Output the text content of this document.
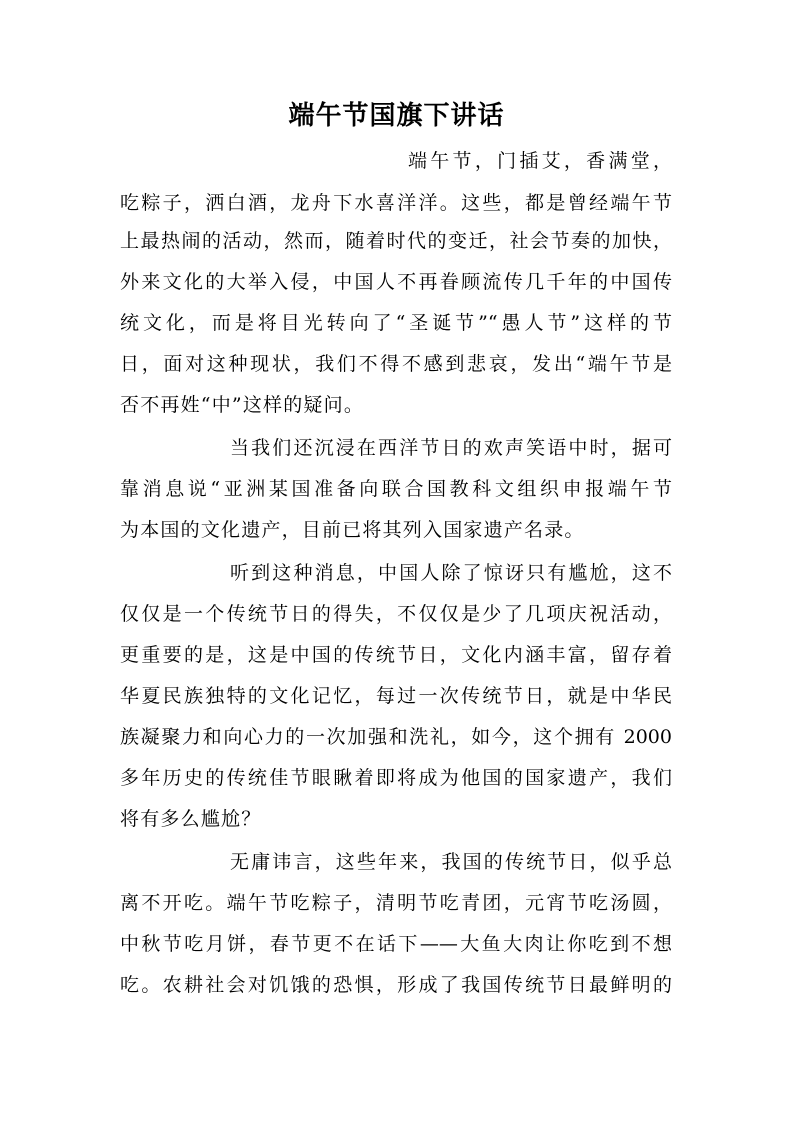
端午节国旗下讲话
端午节，门插艾，香满堂，
吃粽子，洒白酒，龙舟下水喜洋洋。这些，都是曾经端午节
上最热闹的活动，然而，随着时代的变迁，社会节奏的加快，
外来文化的大举入侵，中国人不再眷顾流传几千年的中国传
统文化，而是将目光转向了“圣诞节”“愚人节”这样的节
日，面对这种现状，我们不得不感到悲哀，发出“端午节是
否不再姓“中”这样的疑问。
当我们还沉浸在西洋节日的欢声笑语中时，据可
靠消息说“亚洲某国准备向联合国教科文组织申报端午节
为本国的文化遗产，目前已将其列入国家遗产名录。
听到这种消息，中国人除了惊讶只有尴尬，这不
仅仅是一个传统节日的得失，不仅仅是少了几项庆祝活动，
更重要的是，这是中国的传统节日，文化内涵丰富，留存着
华夏民族独特的文化记忆，每过一次传统节日，就是中华民
族凝聚力和向心力的一次加强和洗礼，如今，这个拥有 2000
多年历史的传统佳节眼瞅着即将成为他国的国家遗产，我们
将有多么尴尬？
无庸讳言，这些年来，我国的传统节日，似乎总
离不开吃。端午节吃粽子，清明节吃青团，元宵节吃汤圆，
中秋节吃月饼，春节更不在话下——大鱼大肉让你吃到不想
吃。农耕社会对饥饿的恐惧，形成了我国传统节日最鲜明的
